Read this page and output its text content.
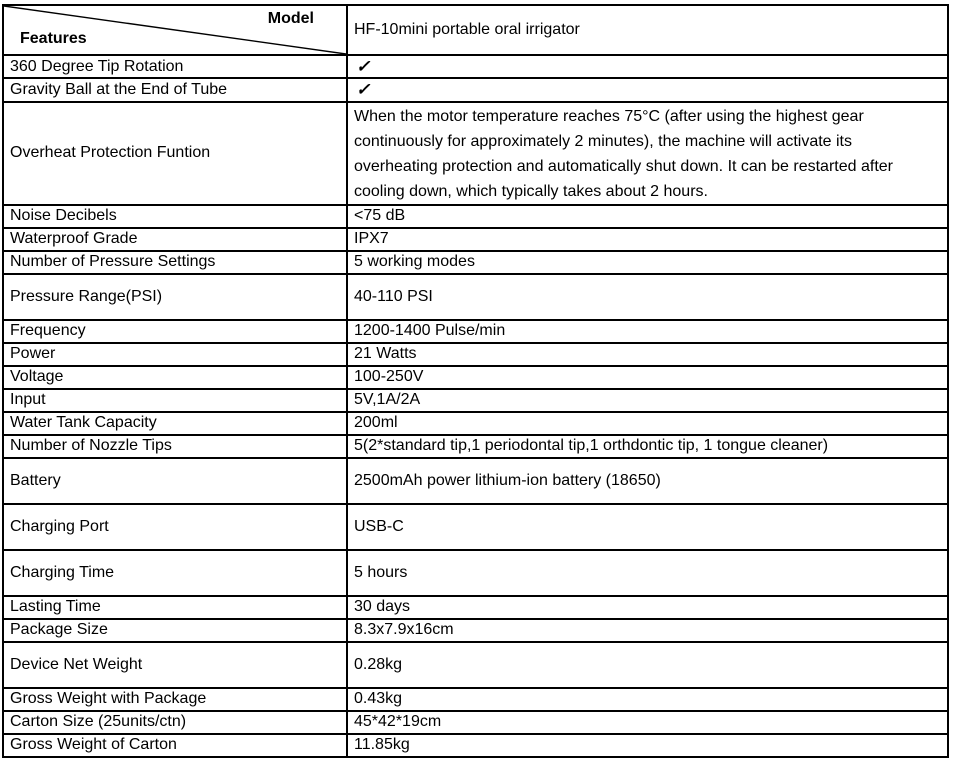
Model
Features	HF-10mini portable oral irrigator
360 Degree Tip Rotation	✓
Gravity Ball at the End of Tube	✓
Overheat Protection Funtion	When the motor temperature reaches 75°C (after using the highest gear continuously for approximately 2 minutes), the machine will activate its overheating protection and automatically shut down. It can be restarted after cooling down, which typically takes about 2 hours.
Noise Decibels	<75 dB
Waterproof Grade	IPX7
Number of Pressure Settings	5 working modes
Pressure Range(PSI)	40-110 PSI
Frequency	1200-1400 Pulse/min
Power	21 Watts
Voltage	100-250V
Input	5V,1A/2A
Water Tank Capacity	200ml
Number of Nozzle Tips	5(2*standard tip,1 periodontal tip,1 orthdontic tip, 1 tongue cleaner)
Battery	2500mAh power lithium-ion battery (18650)
Charging Port	USB-C
Charging Time	5 hours
Lasting Time	30 days
Package Size	8.3x7.9x16cm
Device Net Weight	0.28kg
Gross Weight with Package	0.43kg
Carton Size (25units/ctn)	45*42*19cm
Gross Weight of Carton	11.85kg
